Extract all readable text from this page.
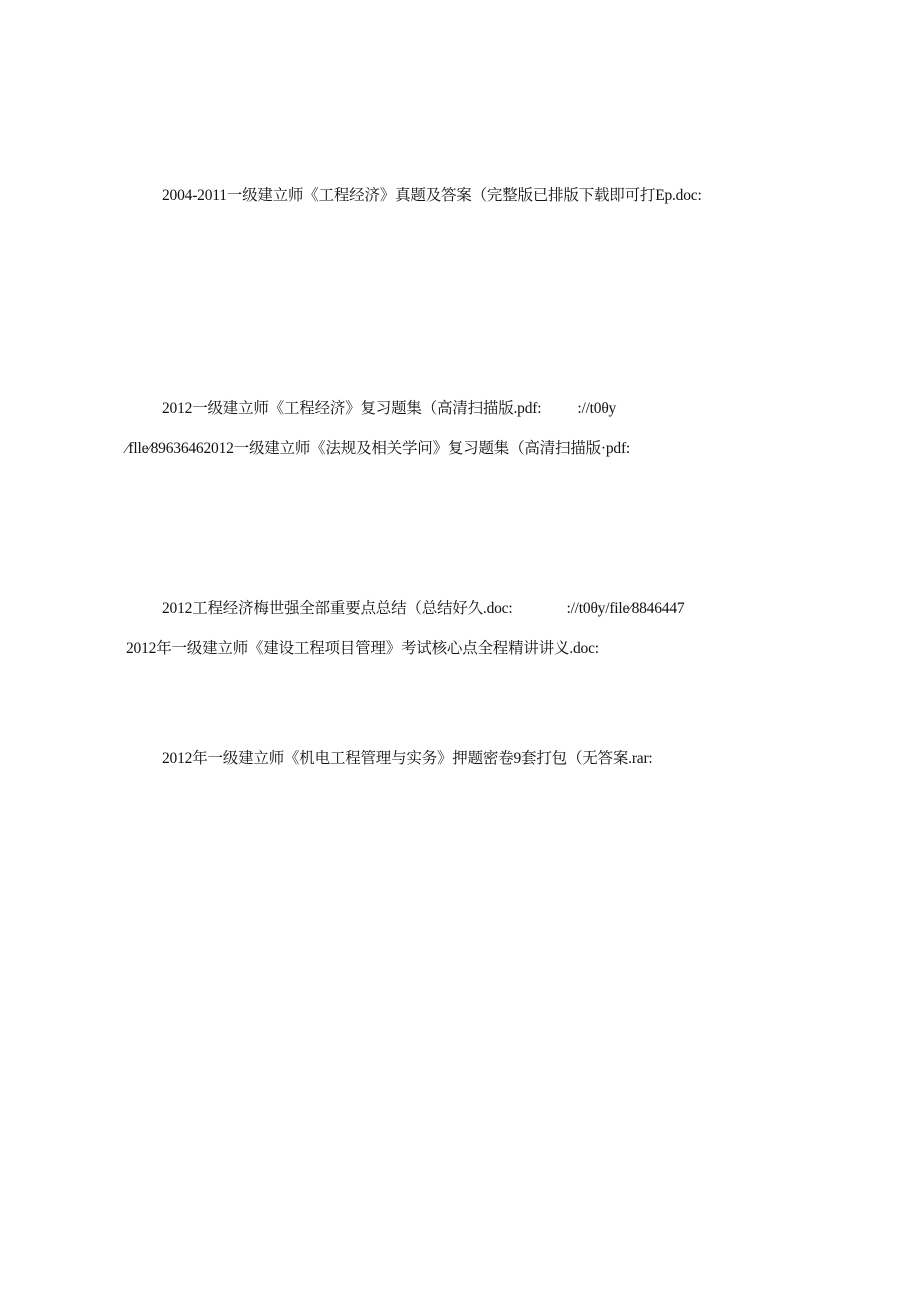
2004-2011一级建立师《工程经济》真题及答案（完整版已排版下载即可打Ep.doc:
2012一级建立师《工程经济》复习题集（高清扫描版.pdf: ://t0θy
⁄flle⁄89636462012一级建立师《法规及相关学问》复习题集（高清扫描版·pdf:
2012工程经济梅世强全部重要点总结（总结好久.doc:	://t0θy/file⁄8846447
2012年一级建立师《建设工程项目管理》考试核心点全程精讲讲义.doc:
2012年一级建立师《机电工程管理与实务》押题密卷9套打包（无答案.rar:
